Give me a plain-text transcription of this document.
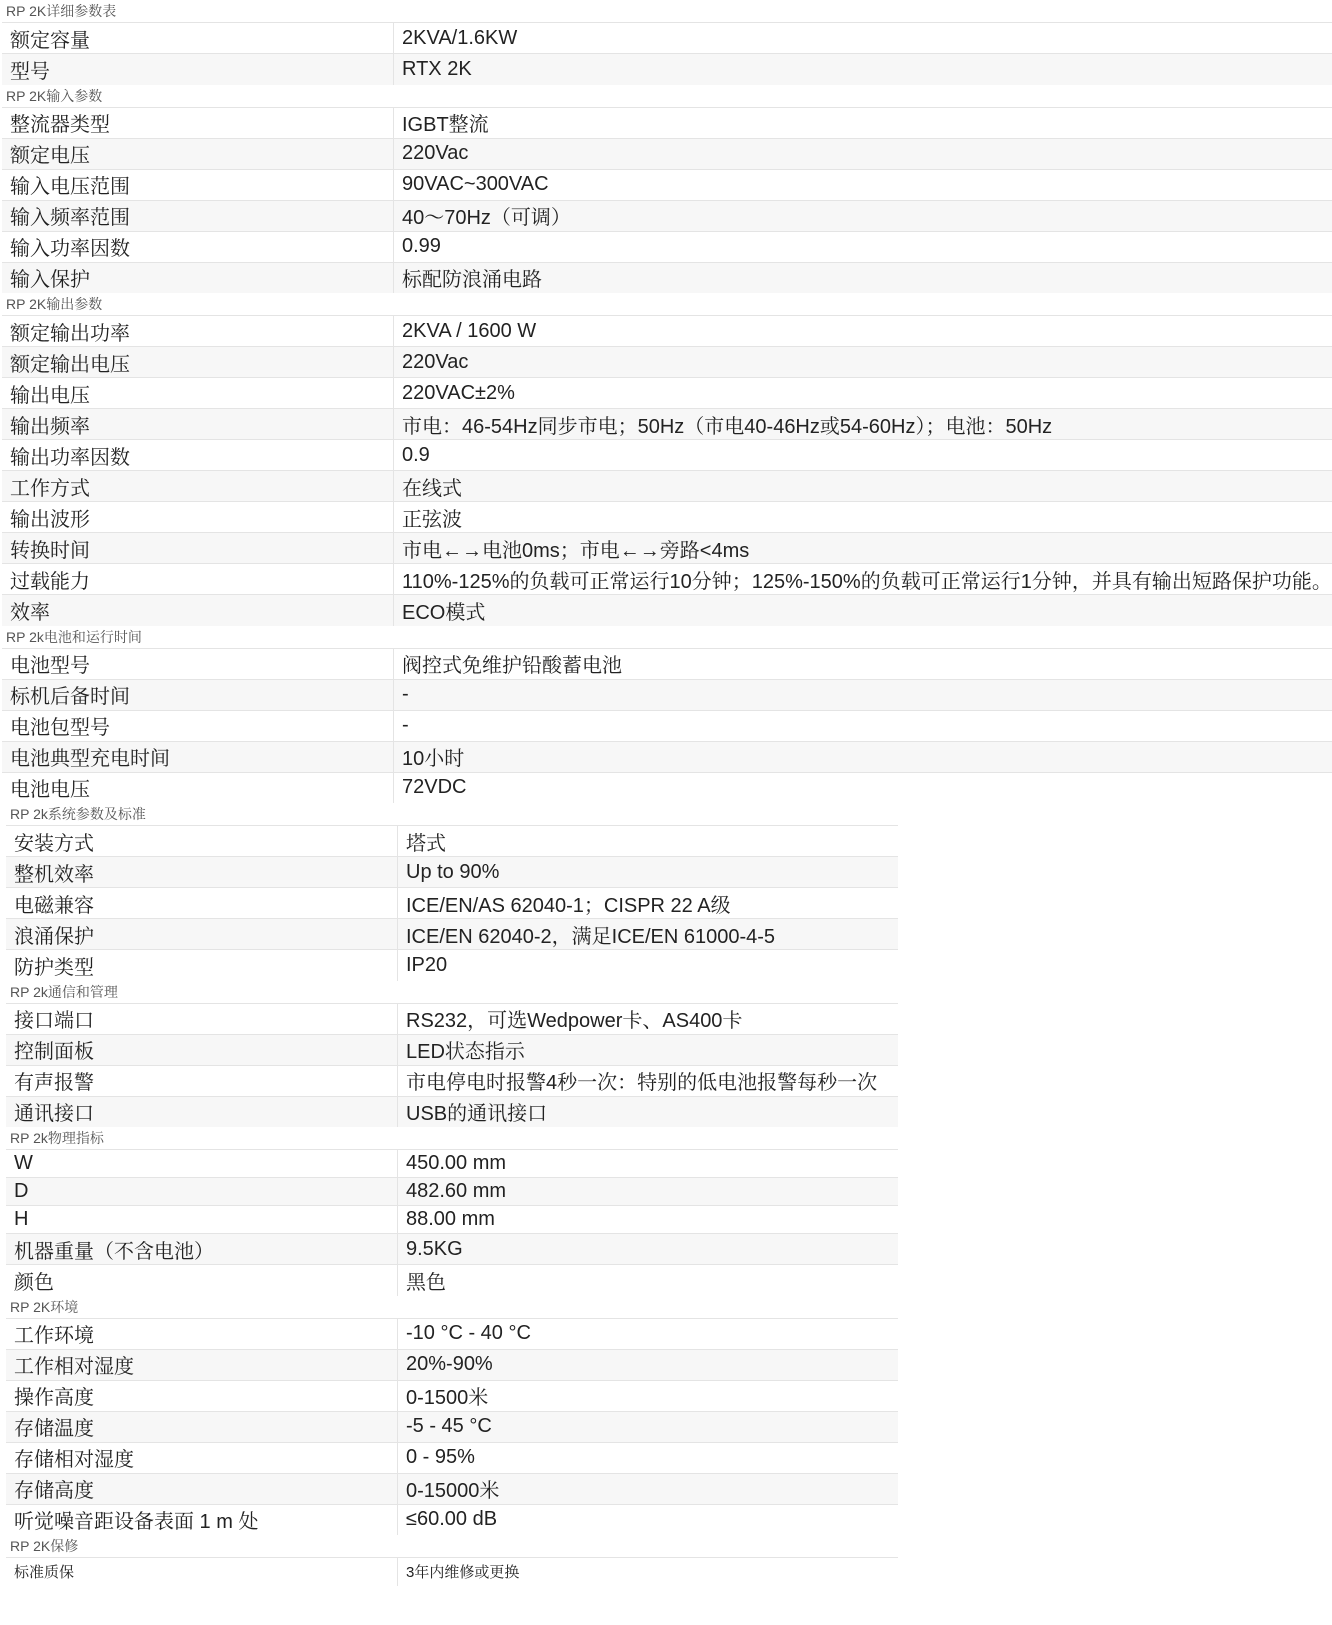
RP 2K详细参数表
额定容量	2KVA/1.6KW
型号	RTX 2K
RP 2K输入参数
整流器类型	IGBT整流
额定电压	220Vac
输入电压范围	90VAC~300VAC
输入频率范围	40～70Hz（可调）
输入功率因数	0.99
输入保护	标配防浪涌电路
RP 2K输出参数
额定输出功率	2KVA / 1600 W
额定输出电压	220Vac
输出电压	220VAC±2%
输出频率	市电：46-54Hz同步市电；50Hz（市电40-46Hz或54-60Hz）；电池：50Hz
输出功率因数	0.9
工作方式	在线式
输出波形	正弦波
转换时间	市电←→电池0ms；市电←→旁路<4ms
过载能力	110%-125%的负载可正常运行10分钟；125%-150%的负载可正常运行1分钟，并具有输出短路保护功能。
效率	ECO模式
RP 2k电池和运行时间
电池型号	阀控式免维护铅酸蓄电池
标机后备时间	-
电池包型号	-
电池典型充电时间	10小时
电池电压	72VDC
RP 2k系统参数及标准
安装方式	塔式
整机效率	Up to 90%
电磁兼容	ICE/EN/AS 62040-1；CISPR 22 A级
浪涌保护	ICE/EN 62040-2，满足ICE/EN 61000-4-5
防护类型	IP20
RP 2k通信和管理
接口端口	RS232，可选Wedpower卡、AS400卡
控制面板	LED状态指示
有声报警	市电停电时报警4秒一次：特别的低电池报警每秒一次
通讯接口	USB的通讯接口
RP 2k物理指标
W	450.00 mm
D	482.60 mm
H	88.00 mm
机器重量（不含电池）	9.5KG
颜色	黑色
RP 2K环境
工作环境	-10 °C - 40 °C
工作相对湿度	20%-90%
操作高度	0-1500米
存储温度	-5 - 45 °C
存储相对湿度	0 - 95%
存储高度	0-15000米
听觉噪音距设备表面 1 m 处	≤60.00 dB
RP 2K保修
标准质保	3年内维修或更换
